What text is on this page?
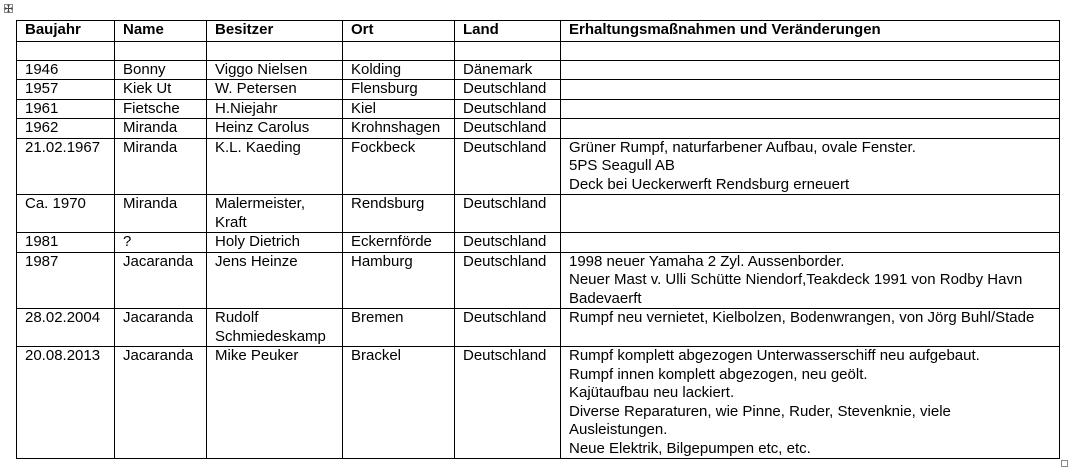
Baujahr	Name	Besitzer	Ort	Land	Erhaltungsmaßnahmen und Veränderungen

1946	Bonny	Viggo Nielsen	Kolding	Dänemark	
1957	Kiek Ut	W. Petersen	Flensburg	Deutschland	
1961	Fietsche	H.Niejahr	Kiel	Deutschland	
1962	Miranda	Heinz Carolus	Krohnshagen	Deutschland	
21.02.1967	Miranda	K.L. Kaeding	Fockbeck	Deutschland	Grüner Rumpf, naturfarbener Aufbau, ovale Fenster.
5PS Seagull AB
Deck bei Ueckerwerft Rendsburg erneuert

Ca. 1970	Miranda	Malermeister, Kraft	Rendsburg	Deutschland	
1981	?	Holy Dietrich	Eckernförde	Deutschland	
1987	Jacaranda	Jens Heinze	Hamburg	Deutschland	1998 neuer Yamaha 2 Zyl. Aussenborder.
Neuer Mast v. Ulli Schütte Niendorf,Teakdeck 1991 von Rodby Havn Badevaerft

28.02.2004	Jacaranda	Rudolf Schmiedeskamp	Bremen	Deutschland	Rumpf neu vernietet, Kielbolzen, Bodenwrangen, von Jörg Buhl/Stade

20.08.2013	Jacaranda	Mike Peuker	Brackel	Deutschland	Rumpf komplett abgezogen Unterwasserschiff neu aufgebaut.
Rumpf innen komplett abgezogen, neu geölt.
Kajütaufbau neu lackiert.
Diverse Reparaturen, wie Pinne, Ruder, Stevenknie, viele Ausleistungen.
Neue Elektrik, Bilgepumpen etc, etc.
